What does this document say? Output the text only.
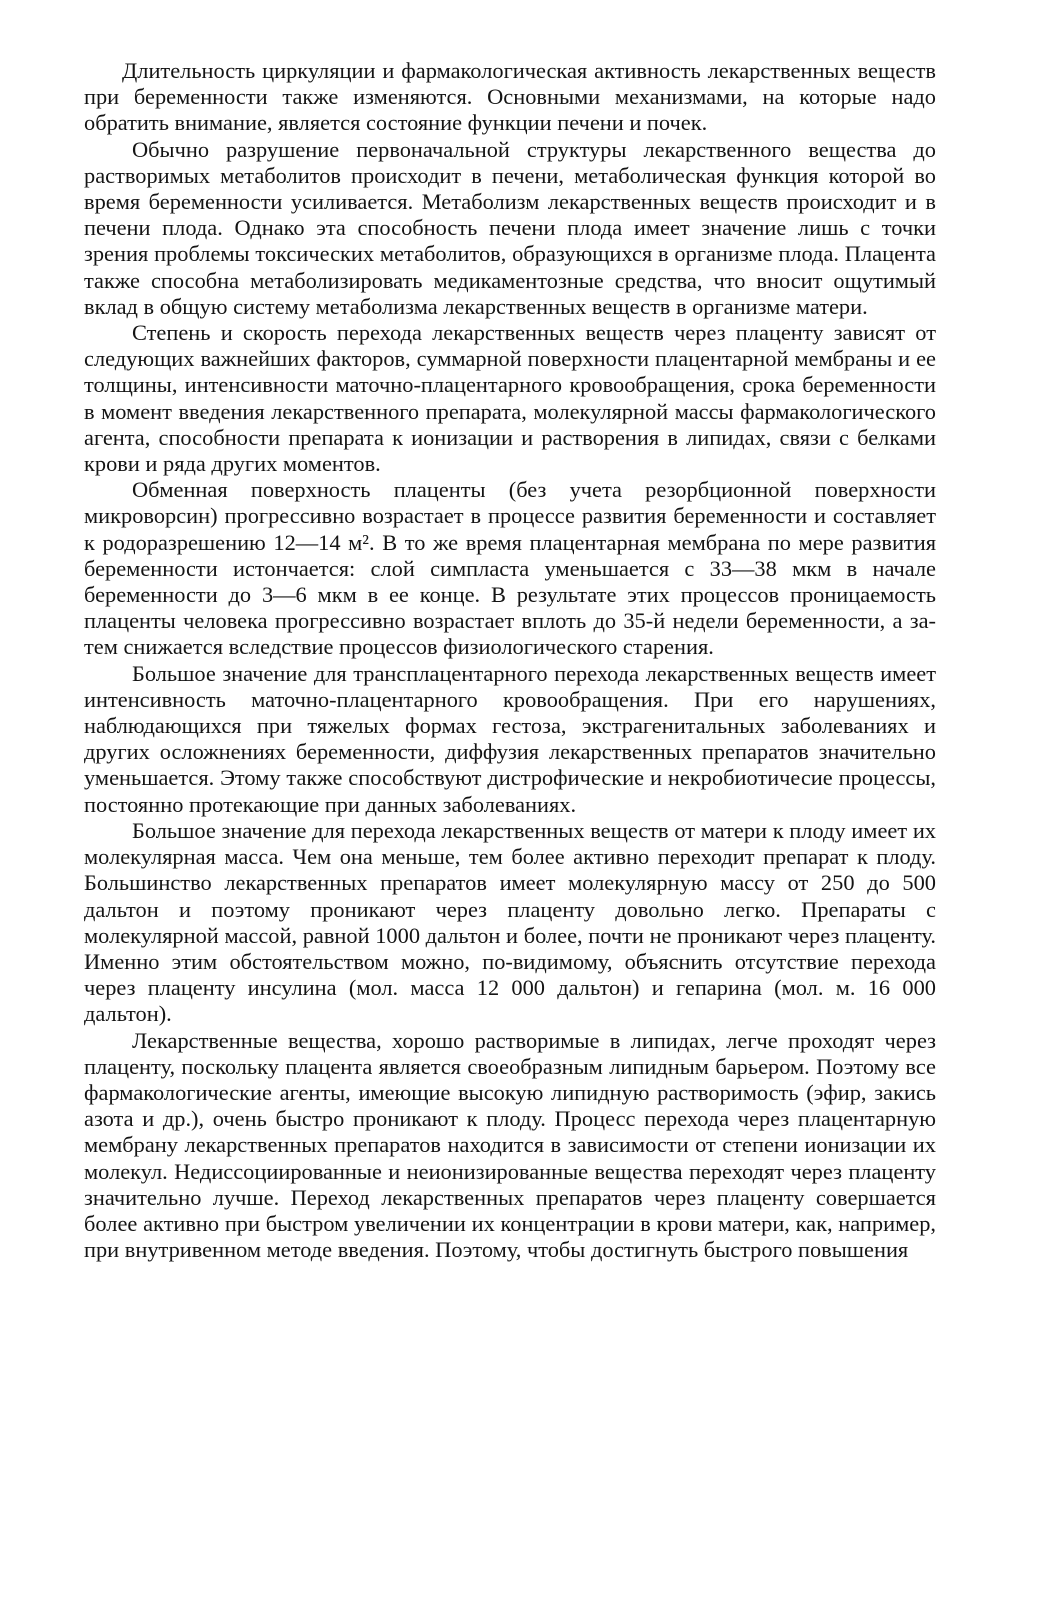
Длительность циркуляции и фармакологическая активность лекарственных веществ при беременности также изменяются. Основными механизмами, на которые надо обратить внимание, является состояние функции печени и почек.

Обычно разрушение первоначальной структуры лекарственного вещества до растворимых метаболитов происходит в печени, метаболическая функция которой во время беременности усиливается. Метаболизм лекарственных веществ происходит и в печени плода. Однако эта способность печени плода имеет значение лишь с точки зрения проблемы токсических метаболитов, образующихся в организме плода. Плацента также способна метаболизировать медикаментозные средства, что вносит ощутимый вклад в общую систему метаболизма лекарственных веществ в организме матери.

Степень и скорость перехода лекарственных веществ через плаценту зависят от следующих важнейших факторов, суммарной поверхности плацентарной мембраны и ее толщины, интенсивности маточно-плацентарного кровообращения, срока беременности в момент введения лекарственного препарата, молекулярной массы фармакологического агента, способности препарата к ионизации и растворения в липидах, связи с белками крови и ряда других моментов.

Обменная поверхность плаценты (без учета резорбционной поверхности микроворсин) прогрессивно возрастает в процессе развития беременности и составляет к родоразрешению 12—14 м². В то же время плацентарная мембрана по мере развития беременности истончается: слой симпласта уменьшается с 33—38 мкм в начале беременности до 3—6 мкм в ее конце. В результате этих процессов проницаемость плаценты человека прогрессивно возрастает вплоть до 35-й недели беременности, а затем снижается вследствие процессов физиологического старения.

Большое значение для трансплацентарного перехода лекарственных веществ имеет интенсивность маточно-плацентарного кровообращения. При его нарушениях, наблюдающихся при тяжелых формах гестоза, экстрагенитальных заболеваниях и других осложнениях беременности, диффузия лекарственных препаратов значительно уменьшается. Этому также способствуют дистрофические и некробиотичесие процессы, постоянно протекающие при данных заболеваниях.

Большое значение для перехода лекарственных веществ от матери к плоду имеет их молекулярная масса. Чем она меньше, тем более активно переходит препарат к плоду. Большинство лекарственных препаратов имеет молекулярную массу от 250 до 500 дальтон и поэтому проникают через плаценту довольно легко. Препараты с молекулярной массой, равной 1000 дальтон и более, почти не проникают через плаценту. Именно этим обстоятельством можно, по-видимому, объяснить отсутствие перехода через плаценту инсулина (мол. масса 12 000 дальтон) и гепарина (мол. м. 16 000 дальтон).

Лекарственные вещества, хорошо растворимые в липидах, легче проходят через плаценту, поскольку плацента является своеобразным липидным барьером. Поэтому все фармакологические агенты, имеющие высокую липидную растворимость (эфир, закись азота и др.), очень быстро проникают к плоду. Процесс перехода через плацентарную мембрану лекарственных препаратов находится в зависимости от степени ионизации их молекул. Недиссоциированные и неионизированные вещества переходят через плаценту значительно лучше. Переход лекарственных препаратов через плаценту совершается более активно при быстром увеличении их концентрации в крови матери, как, например, при внутривенном методе введения. Поэтому, чтобы достигнуть быстрого повышения
